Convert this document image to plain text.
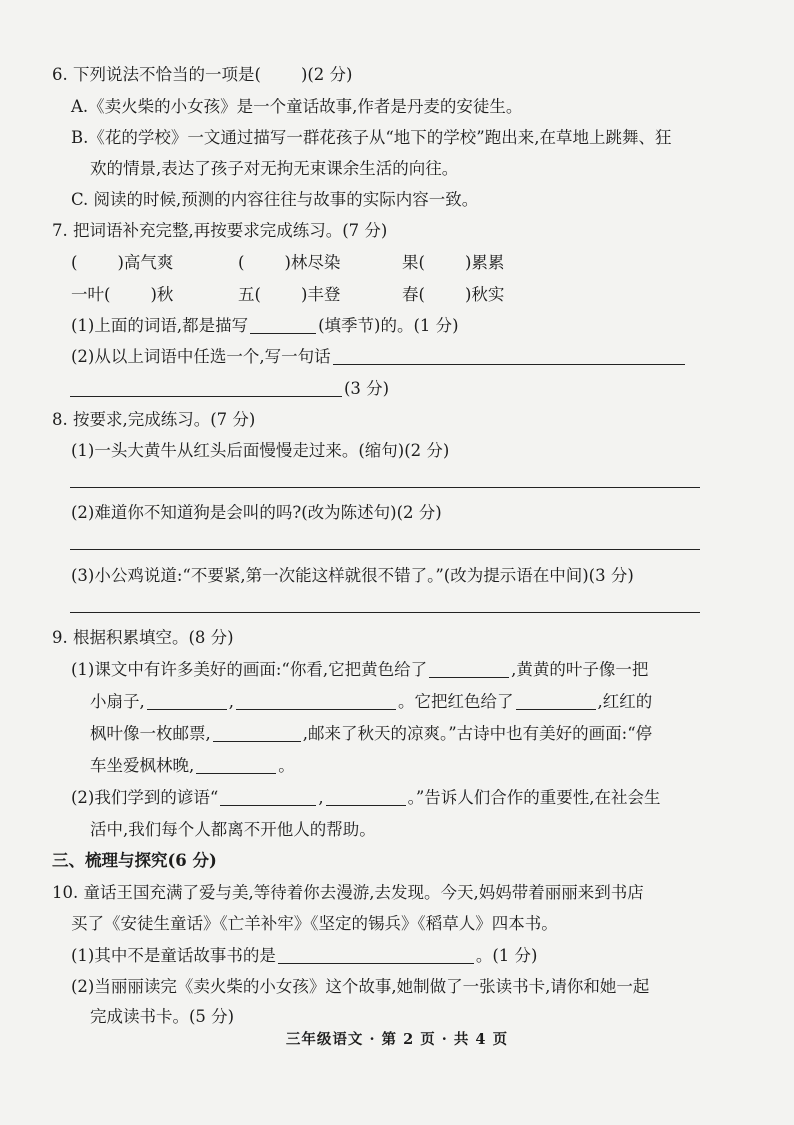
6. 下列说法不恰当的一项是( )(2 分)
A.《卖火柴的小女孩》是一个童话故事,作者是丹麦的安徒生。
B.《花的学校》一文通过描写一群花孩子从“地下的学校”跑出来,在草地上跳舞、狂
欢的情景,表达了孩子对无拘无束课余生活的向往。
C. 阅读的时候,预测的内容往往与故事的实际内容一致。
7. 把词语补充完整,再按要求完成练习。(7 分)
( )高气爽	( )林尽染	果( )累累
一叶( )秋	五( )丰登	春( )秋实
(1)上面的词语,都是描写	(填季节)的。(1 分)
(2)从以上词语中任选一个,写一句话
(3 分)
8. 按要求,完成练习。(7 分)
(1)一头大黄牛从红头后面慢慢走过来。(缩句)(2 分)
(2)难道你不知道狗是会叫的吗?(改为陈述句)(2 分)
(3)小公鸡说道:“不要紧,第一次能这样就很不错了。”(改为提示语在中间)(3 分)
9. 根据积累填空。(8 分)
(1)课文中有许多美好的画面:“你看,它把黄色给了	,黄黄的叶子像一把
小扇子,	,	。它把红色给了	,红红的
枫叶像一枚邮票,	,邮来了秋天的凉爽。”古诗中也有美好的画面:“停
车坐爱枫林晚,	。
(2)我们学到的谚语“	,	。”告诉人们合作的重要性,在社会生
活中,我们每个人都离不开他人的帮助。
三、梳理与探究(6 分)
10. 童话王国充满了爱与美,等待着你去漫游,去发现。今天,妈妈带着丽丽来到书店
买了《安徒生童话》《亡羊补牢》《坚定的锡兵》《稻草人》四本书。
(1)其中不是童话故事书的是	。(1 分)
(2)当丽丽读完《卖火柴的小女孩》这个故事,她制做了一张读书卡,请你和她一起
完成读书卡。(5 分)
三年级语文 · 第 2 页 · 共 4 页
